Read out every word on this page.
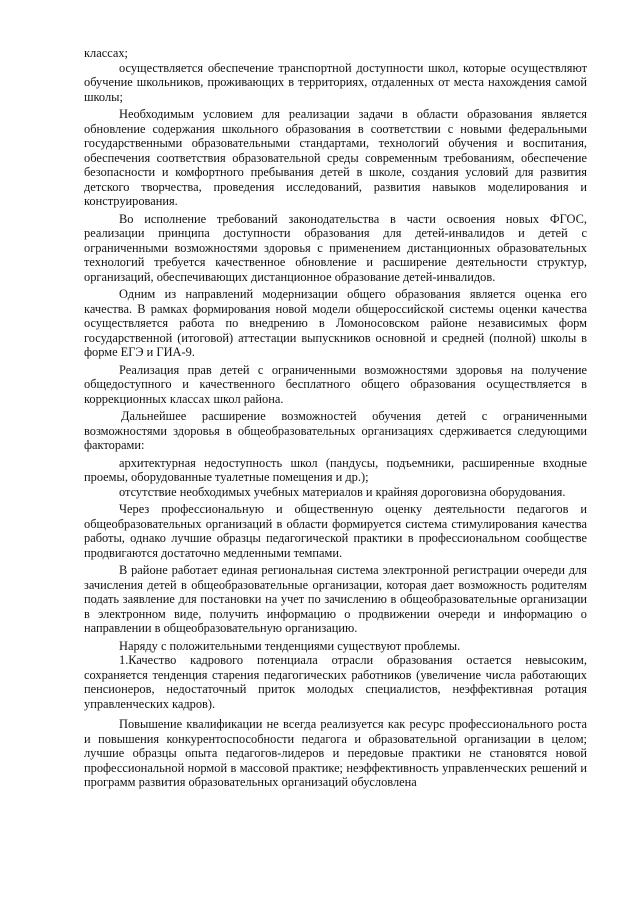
классах;

осуществляется обеспечение транспортной доступности школ, которые осуществляют обучение школьников, проживающих в территориях, отдаленных от места нахождения самой школы;

Необходимым условием для реализации задачи в области образования является обновление содержания школьного образования в соответствии с новыми федеральными государственными образовательными стандартами, технологий обучения и воспитания, обеспечения соответствия образовательной среды современным требованиям, обеспечение безопасности и комфортного пребывания детей в школе, создания условий для развития детского творчества, проведения исследований, развития навыков моделирования и конструирования.

Во исполнение требований законодательства в части освоения новых ФГОС, реализации принципа доступности образования для детей-инвалидов и детей с ограниченными возможностями здоровья с применением дистанционных образовательных технологий требуется качественное обновление и расширение деятельности структур, организаций, обеспечивающих дистанционное образование детей-инвалидов.

Одним из направлений модернизации общего образования является оценка его качества. В рамках формирования новой модели общероссийской системы оценки качества осуществляется работа по внедрению в Ломоносовском районе независимых форм государственной (итоговой) аттестации выпускников основной и средней (полной) школы в форме ЕГЭ и ГИА-9.

Реализация прав детей с ограниченными возможностями здоровья на получение общедоступного и качественного бесплатного общего образования осуществляется в коррекционных классах школ района.

Дальнейшее расширение возможностей обучения детей с ограниченными возможностями здоровья в общеобразовательных организациях сдерживается следующими факторами:

архитектурная недоступность школ (пандусы, подъемники, расширенные входные проемы, оборудованные туалетные помещения и др.);

отсутствие необходимых учебных материалов и крайняя дороговизна оборудования.

Через профессиональную и общественную оценку деятельности педагогов и общеобразовательных организаций в области формируется система стимулирования качества работы, однако лучшие образцы педагогической практики в профессиональном сообществе продвигаются достаточно медленными темпами.

В районе работает единая региональная система электронной регистрации очереди для зачисления детей в общеобразовательные организации, которая дает возможность родителям подать заявление для постановки на учет по зачислению в общеобразовательные организации в электронном виде, получить информацию о продвижении очереди и информацию о направлении в общеобразовательную организацию.

Наряду с положительными тенденциями существуют проблемы.

1.Качество кадрового потенциала отрасли образования остается невысоким, сохраняется тенденция старения педагогических работников (увеличение числа работающих пенсионеров, недостаточный приток молодых специалистов, неэффективная ротация управленческих кадров).

Повышение квалификации не всегда реализуется как ресурс профессионального роста и повышения конкурентоспособности педагога и образовательной организации в целом; лучшие образцы опыта педагогов-лидеров и передовые практики не становятся новой профессиональной нормой в массовой практике; неэффективность управленческих решений и программ развития образовательных организаций обусловлена
